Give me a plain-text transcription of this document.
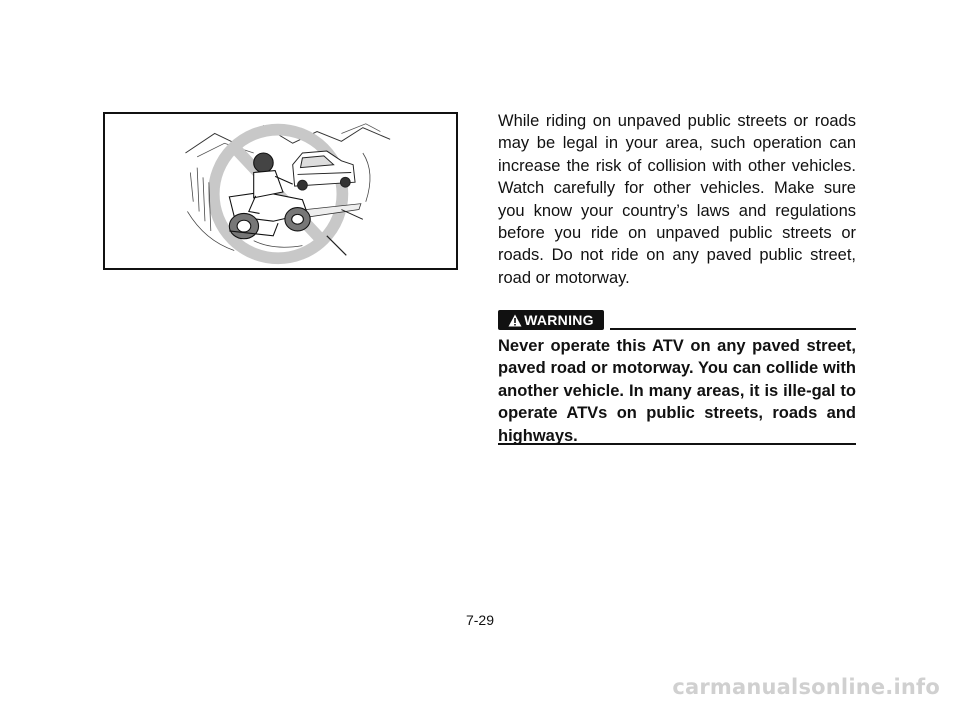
While riding on unpaved public streets or roads may be legal in your area, such operation can increase the risk of collision with other vehicles. Watch carefully for other vehicles. Make sure you know your country’s laws and regulations before you ride on unpaved public streets or roads. Do not ride on any paved public street, road or motorway.

WARNING

Never operate this ATV on any paved street, paved road or motorway. You can collide with another vehicle. In many areas, it is ille-gal to operate ATVs on public streets, roads and highways.

7-29
carmanualsonline.info
